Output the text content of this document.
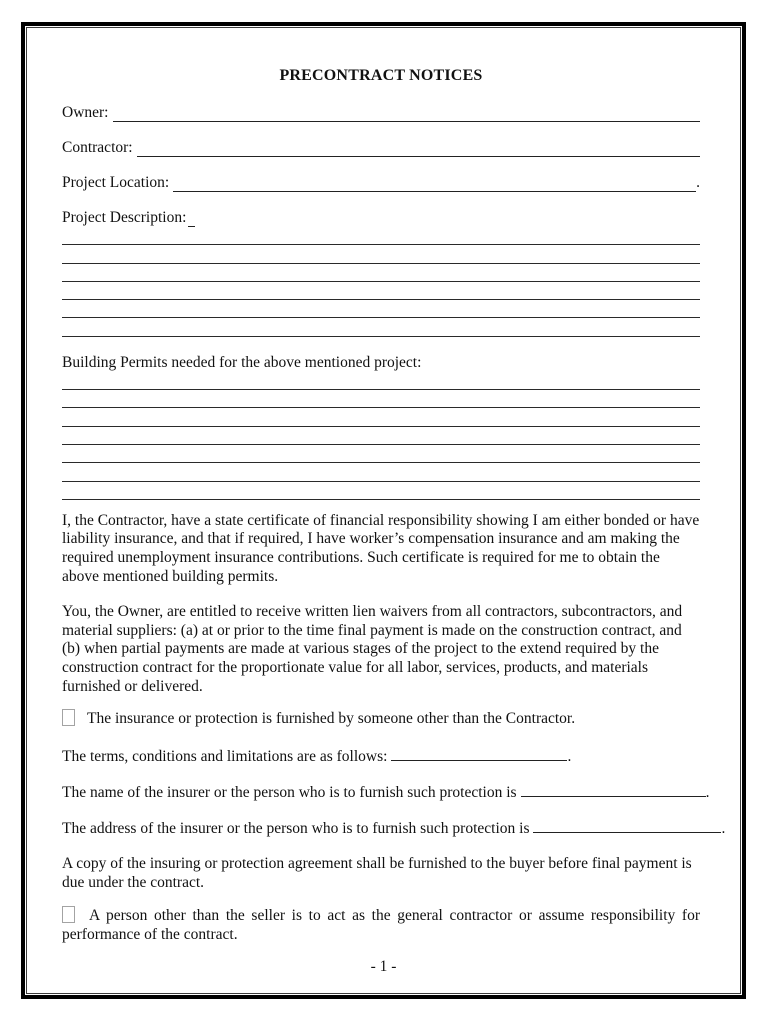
PRECONTRACT NOTICES
Owner:
Contractor:
Project Location:	.
Project Description:
Building Permits needed for the above mentioned project:

I, the Contractor, have a state certificate of financial responsibility showing I am either bonded or have liability insurance, and that if required, I have worker’s compensation insurance and am making the required unemployment insurance contributions. Such certificate is required for me to obtain the above mentioned building permits.

You, the Owner, are entitled to receive written lien waivers from all contractors, subcontractors, and material suppliers: (a) at or prior to the time final payment is made on the construction contract, and (b) when partial payments are made at various stages of the project to the extend required by the construction contract for the proportionate value for all labor, services, products, and materials furnished or delivered.

The insurance or protection is furnished by someone other than the Contractor.
The terms, conditions and limitations are as follows:	.
The name of the insurer or the person who is to furnish such protection is	.
The address of the insurer or the person who is to furnish such protection is	.

A copy of the insuring or protection agreement shall be furnished to the buyer before final payment is due under the contract.

A person other than the seller is to act as the general contractor or assume responsibility for performance of the contract.

- 1 -
